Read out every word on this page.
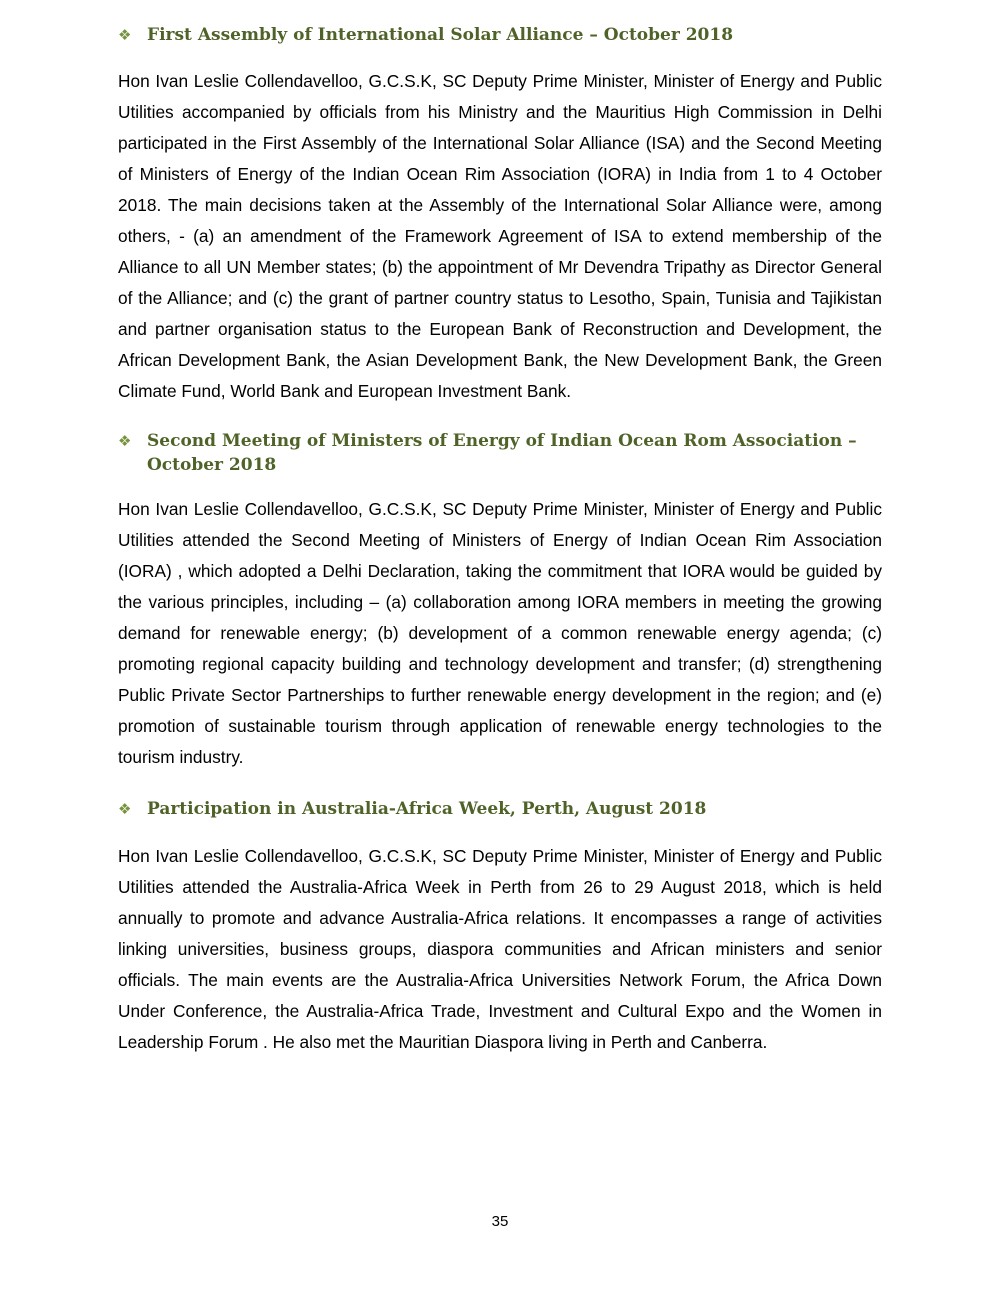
❖ First Assembly of International Solar Alliance – October 2018

Hon Ivan Leslie Collendavelloo, G.C.S.K, SC Deputy Prime Minister, Minister of Energy and Public Utilities accompanied by officials from his Ministry and the Mauritius High Commission in Delhi participated in the First Assembly of the International Solar Alliance (ISA) and the Second Meeting of Ministers of Energy of the Indian Ocean Rim Association (IORA) in India from 1 to 4 October 2018. The main decisions taken at the Assembly of the International Solar Alliance were, among others, - (a) an amendment of the Framework Agreement of ISA to extend membership of the Alliance to all UN Member states; (b) the appointment of Mr Devendra Tripathy as Director General of the Alliance; and (c) the grant of partner country status to Lesotho, Spain, Tunisia and Tajikistan and partner organisation status to the European Bank of Reconstruction and Development, the African Development Bank, the Asian Development Bank, the New Development Bank, the Green Climate Fund, World Bank and European Investment Bank.

❖ Second Meeting of Ministers of Energy of Indian Ocean Rom Association – October 2018

Hon Ivan Leslie Collendavelloo, G.C.S.K, SC Deputy Prime Minister, Minister of Energy and Public Utilities attended the Second Meeting of Ministers of Energy of Indian Ocean Rim Association (IORA) , which adopted a Delhi Declaration, taking the commitment that IORA would be guided by the various principles, including – (a) collaboration among IORA members in meeting the growing demand for renewable energy; (b) development of a common renewable energy agenda; (c) promoting regional capacity building and technology development and transfer; (d) strengthening Public Private Sector Partnerships to further renewable energy development in the region; and (e) promotion of sustainable tourism through application of renewable energy technologies to the tourism industry.

❖ Participation in Australia-Africa Week, Perth, August 2018

Hon Ivan Leslie Collendavelloo, G.C.S.K, SC Deputy Prime Minister, Minister of Energy and Public Utilities attended the Australia-Africa Week in Perth from 26 to 29 August 2018, which is held annually to promote and advance Australia-Africa relations. It encompasses a range of activities linking universities, business groups, diaspora communities and African ministers and senior officials. The main events are the Australia-Africa Universities Network Forum, the Africa Down Under Conference, the Australia-Africa Trade, Investment and Cultural Expo and the Women in Leadership Forum . He also met the Mauritian Diaspora living in Perth and Canberra.

35
